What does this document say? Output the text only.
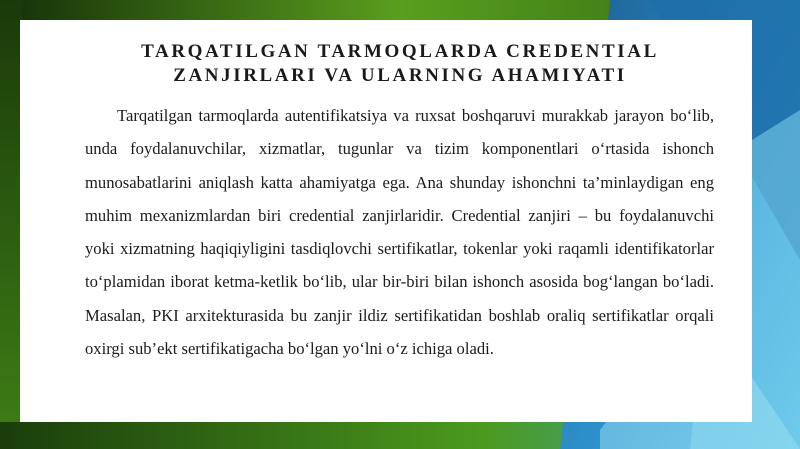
TARQATILGAN TARMOQLARDA CREDENTIAL
ZANJIRLARI VA ULARNING AHAMIYATI
Tarqatilgan tarmoqlarda autentifikatsiya va ruxsat boshqaruvi murakkab jarayon bo‘lib, unda foydalanuvchilar, xizmatlar, tugunlar va tizim komponentlari o‘rtasida ishonch munosabatlarini aniqlash katta ahamiyatga ega. Ana shunday ishonchni ta’minlaydigan eng muhim mexanizmlardan biri credential zanjirlaridir. Credential zanjiri – bu foydalanuvchi yoki xizmatning haqiqiyligini tasdiqlovchi sertifikatlar, tokenlar yoki raqamli identifikatorlar to‘plamidan iborat ketma-ketlik bo‘lib, ular bir-biri bilan ishonch asosida bog‘langan bo‘ladi. Masalan, PKI arxitekturasida bu zanjir ildiz sertifikatidan boshlab oraliq sertifikatlar orqali oxirgi sub’ekt sertifikatigacha bo‘lgan yo‘lni o‘z ichiga oladi.
